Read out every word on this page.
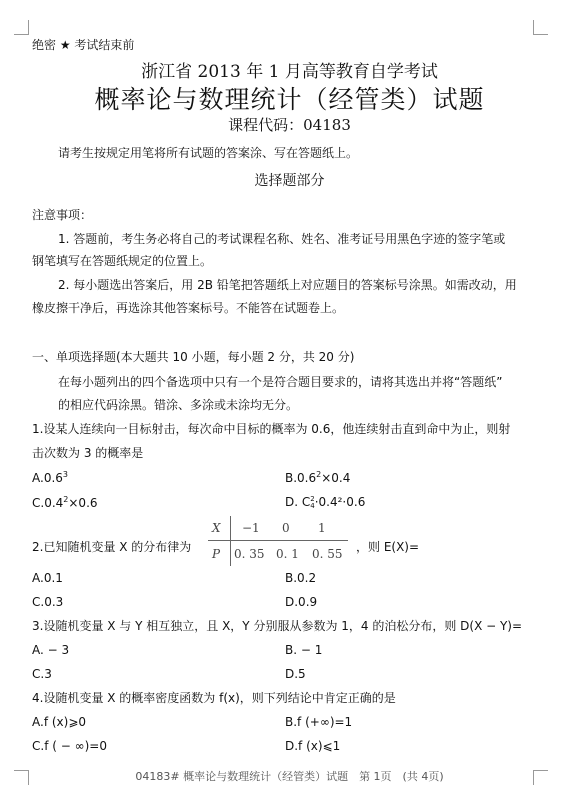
绝密 ★ 考试结束前
浙江省 2013 年 1 月高等教育自学考试
概率论与数理统计（经管类）试题
课程代码：04183
请考生按规定用笔将所有试题的答案涂、写在答题纸上。
选择题部分
注意事项：
1. 答题前，考生务必将自己的考试课程名称、姓名、准考证号用黑色字迹的签字笔或
钢笔填写在答题纸规定的位置上。
2. 每小题选出答案后，用 2B 铅笔把答题纸上对应题目的答案标号涂黑。如需改动，用
橡皮擦干净后，再选涂其他答案标号。不能答在试题卷上。
一、单项选择题(本大题共 10 小题，每小题 2 分，共 20 分)
在每小题列出的四个备选项中只有一个是符合题目要求的，请将其选出并将“答题纸”
的相应代码涂黑。错涂、多涂或未涂均无分。
1.设某人连续向一目标射击，每次命中目标的概率为 0.6，他连续射击直到命中为止，则射
击次数为 3 的概率是
A.0.6$^3$	$B.0.6^2\times 0.4$
$C.0.4^2\times 0.6$	D. C2
4·0.4²·0.6
2.已知随机变量 X 的分布律为
X −1 0 1
P 0. 35 0. 1 0. 55 ，则 E(X)=
A.0.1	B.0.2
C.0.3	D.0.9
3.设随机变量 X 与 Y 相互独立，且 X，Y 分别服从参数为 1，4 的泊松分布，则 D(X − Y)=
A. − 3	B. − 1
C.3	D.5
4.设随机变量 X 的概率密度函数为 f(x)，则下列结论中肯定正确的是
A.f (x)⩾0	B.f (+∞)=1
C.f ( − ∞)=0	D.f (x)⩽1
04183# 概率论与数理统计（经管类）试题　第 1页　(共 4页)
